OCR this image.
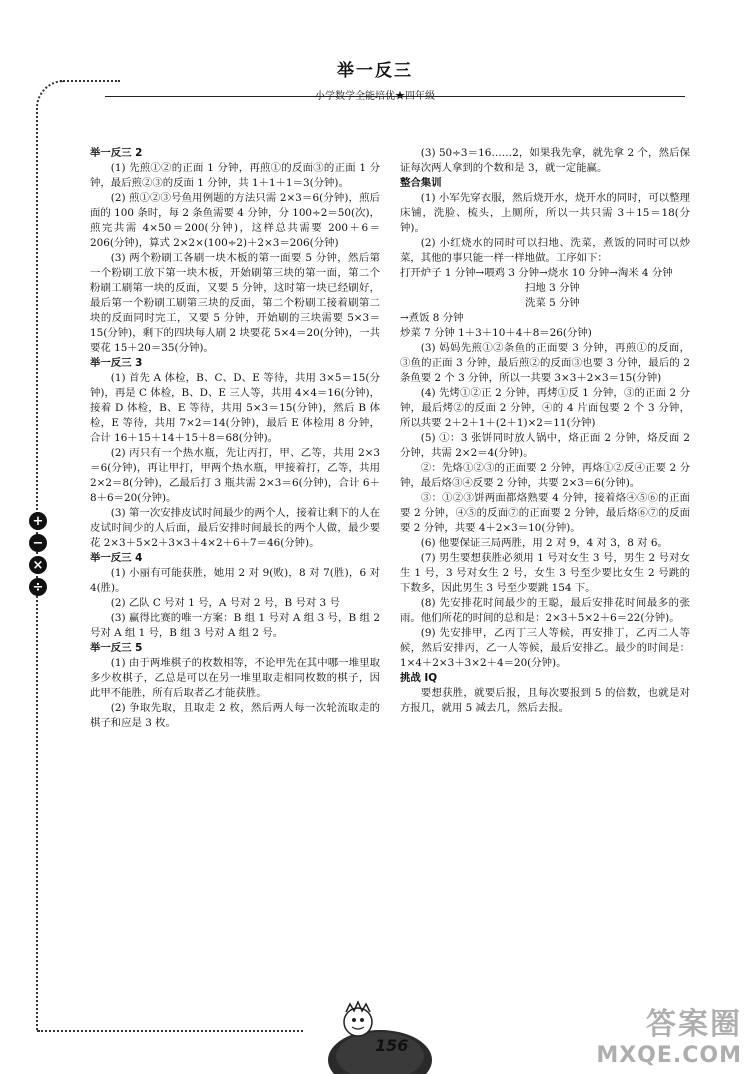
举一反三
+
−
×
÷

举一反三 2

(1) 先煎①②的正面 1 分钟，再煎①的反面③的正面 1 分钟，最后煎②③的反面 1 分钟，共 1＋1＋1＝3(分钟)。

(2) 煎①②③号鱼用例题的方法只需 2×3＝6(分钟)，煎后面的 100 条时，每 2 条鱼需要 4 分钟，分 100÷2＝50(次)，煎完共需 4×50＝200(分钟)，这样总共需要 200＋6＝206(分钟)，算式 2×2×(100÷2)＋2×3＝206(分钟)

(3) 两个粉刷工各刷一块木板的第一面要 5 分钟，然后第一个粉刷工放下第一块木板，开始刷第三块的第一面，第二个粉刷工刷第一块的反面，又要 5 分钟，这时第一块已经刷好，最后第一个粉刷工刷第三块的反面，第二个粉刷工接着刷第二块的反面同时完工，又要 5 分钟，开始刷的三块需要 5×3＝15(分钟)，剩下的四块每人刷 2 块要花 5×4＝20(分钟)，一共要花 15＋20＝35(分钟)。

举一反三 3

(1) 首先 A 体检，B、C、D、E 等待，共用 3×5＝15(分钟)，再是 C 体检，B、D、E 三人等，共用 4×4＝16(分钟)，接着 D 体检，B、E 等待，共用 5×3＝15(分钟)，然后 B 体检，E 等待，共用 7×2＝14(分钟)，最后 E 体检用 8 分钟，合计 16＋15＋14＋15＋8＝68(分钟)。

(2) 丙只有一个热水瓶，先让丙打，甲、乙等，共用 2×3＝6(分钟)，再让甲打，甲两个热水瓶，甲接着打，乙等，共用 2×2＝8(分钟)，乙最后打 3 瓶共需 2×3＝6(分钟)，合计 6＋8＋6＝20(分钟)。

(3) 第一次安排皮试时间最少的两个人，接着让剩下的人在皮试时间少的人后面，最后安排时间最长的两个人做，最少要花 2×3＋5×2＋3×3＋4×2＋6＋7＝46(分钟)。

举一反三 4

(1) 小丽有可能获胜，她用 2 对 9(败)，8 对 7(胜)，6 对 4(胜)。

(2) 乙队 C 号对 1 号，A 号对 2 号，B 号对 3 号

(3) 赢得比赛的唯一方案：B 组 1 号对 A 组 3 号，B 组 2 号对 A 组 1 号，B 组 3 号对 A 组 2 号。

举一反三 5

(1) 由于两堆棋子的枚数相等，不论甲先在其中哪一堆里取多少枚棋子，乙总是可以在另一堆里取走相同枚数的棋子，因此甲不能胜，所有后取者乙才能获胜。

(2) 争取先取，且取走 2 枚，然后两人每一次轮流取走的棋子和应是 3 枚。

(3) 50÷3＝16……2，如果我先拿，就先拿 2 个，然后保证每次两人拿到的个数和是 3，就一定能赢。

整合集训

(1) 小军先穿衣服，然后烧开水，烧开水的同时，可以整理床铺，洗脸、梳头，上厕所，所以一共只需 3＋15＝18(分钟)。

(2) 小红烧水的同时可以扫地、洗菜，煮饭的同时可以炒菜，其他的事只能一样一样地做。工序如下：

打开炉子 1 分钟→喂鸡 3 分钟→烧水 10 分钟→淘米 4 分钟

扫地 3 分钟

洗菜 5 分钟

→煮饭 8 分钟

炒菜 7 分钟 1＋3＋10＋4＋8＝26(分钟)

(3) 妈妈先煎①②条鱼的正面要 3 分钟，再煎①的反面，③鱼的正面 3 分钟，最后煎②的反面③也要 3 分钟，最后的 2 条鱼要 2 个 3 分钟，所以一共要 3×3＋2×3＝15(分钟)

(4) 先烤①②正 2 分钟，再烤①反 1 分钟，③的正面 2 分钟，最后烤②的反面 2 分钟，④的 4 片面包要 2 个 3 分钟，所以共要 2＋2＋1＋(2＋1)×2＝11(分钟)

(5) ①：3 张饼同时放人锅中，烙正面 2 分钟，烙反面 2 分钟，共需 2×2＝4(分钟)。

②：先烙①②③的正面要 2 分钟，再烙①②反④正要 2 分钟，最后烙③④反要 2 分钟，共要 2×3＝6(分钟)。

③：①②③饼两面都烙熟要 4 分钟，接着烙④⑤⑥的正面要 2 分钟，④⑤的反面⑦的正面要 2 分钟，最后烙⑥⑦的反面要 2 分钟，共要 4＋2×3＝10(分钟)。

(6) 他要保证三局两胜，用 2 对 9，4 对 3，8 对 6。

(7) 男生要想获胜必须用 1 号对女生 3 号，男生 2 号对女生 1 号，3 号对女生 2 号，女生 3 号至少要比女生 2 号跳的下数多，因此男生 3 号至少要跳 154 下。

(8) 先安排花时间最少的王聪，最后安排花时间最多的张雨。他们所花的时间的总和是：2×3＋5×2＋6＝22(分钟)。

(9) 先安排甲，乙丙丁三人等候，再安排丁，乙丙二人等候，然后安排丙，乙一人等候，最后安排乙。最少的时间是：1×4＋2×3＋3×2＋4＝20(分钟)。

挑战 IQ

要想获胜，就要后报，且每次要报到 5 的倍数，也就是对方报几，就用 5 减去几，然后去报。

156
答案圈
MXQE.COM
